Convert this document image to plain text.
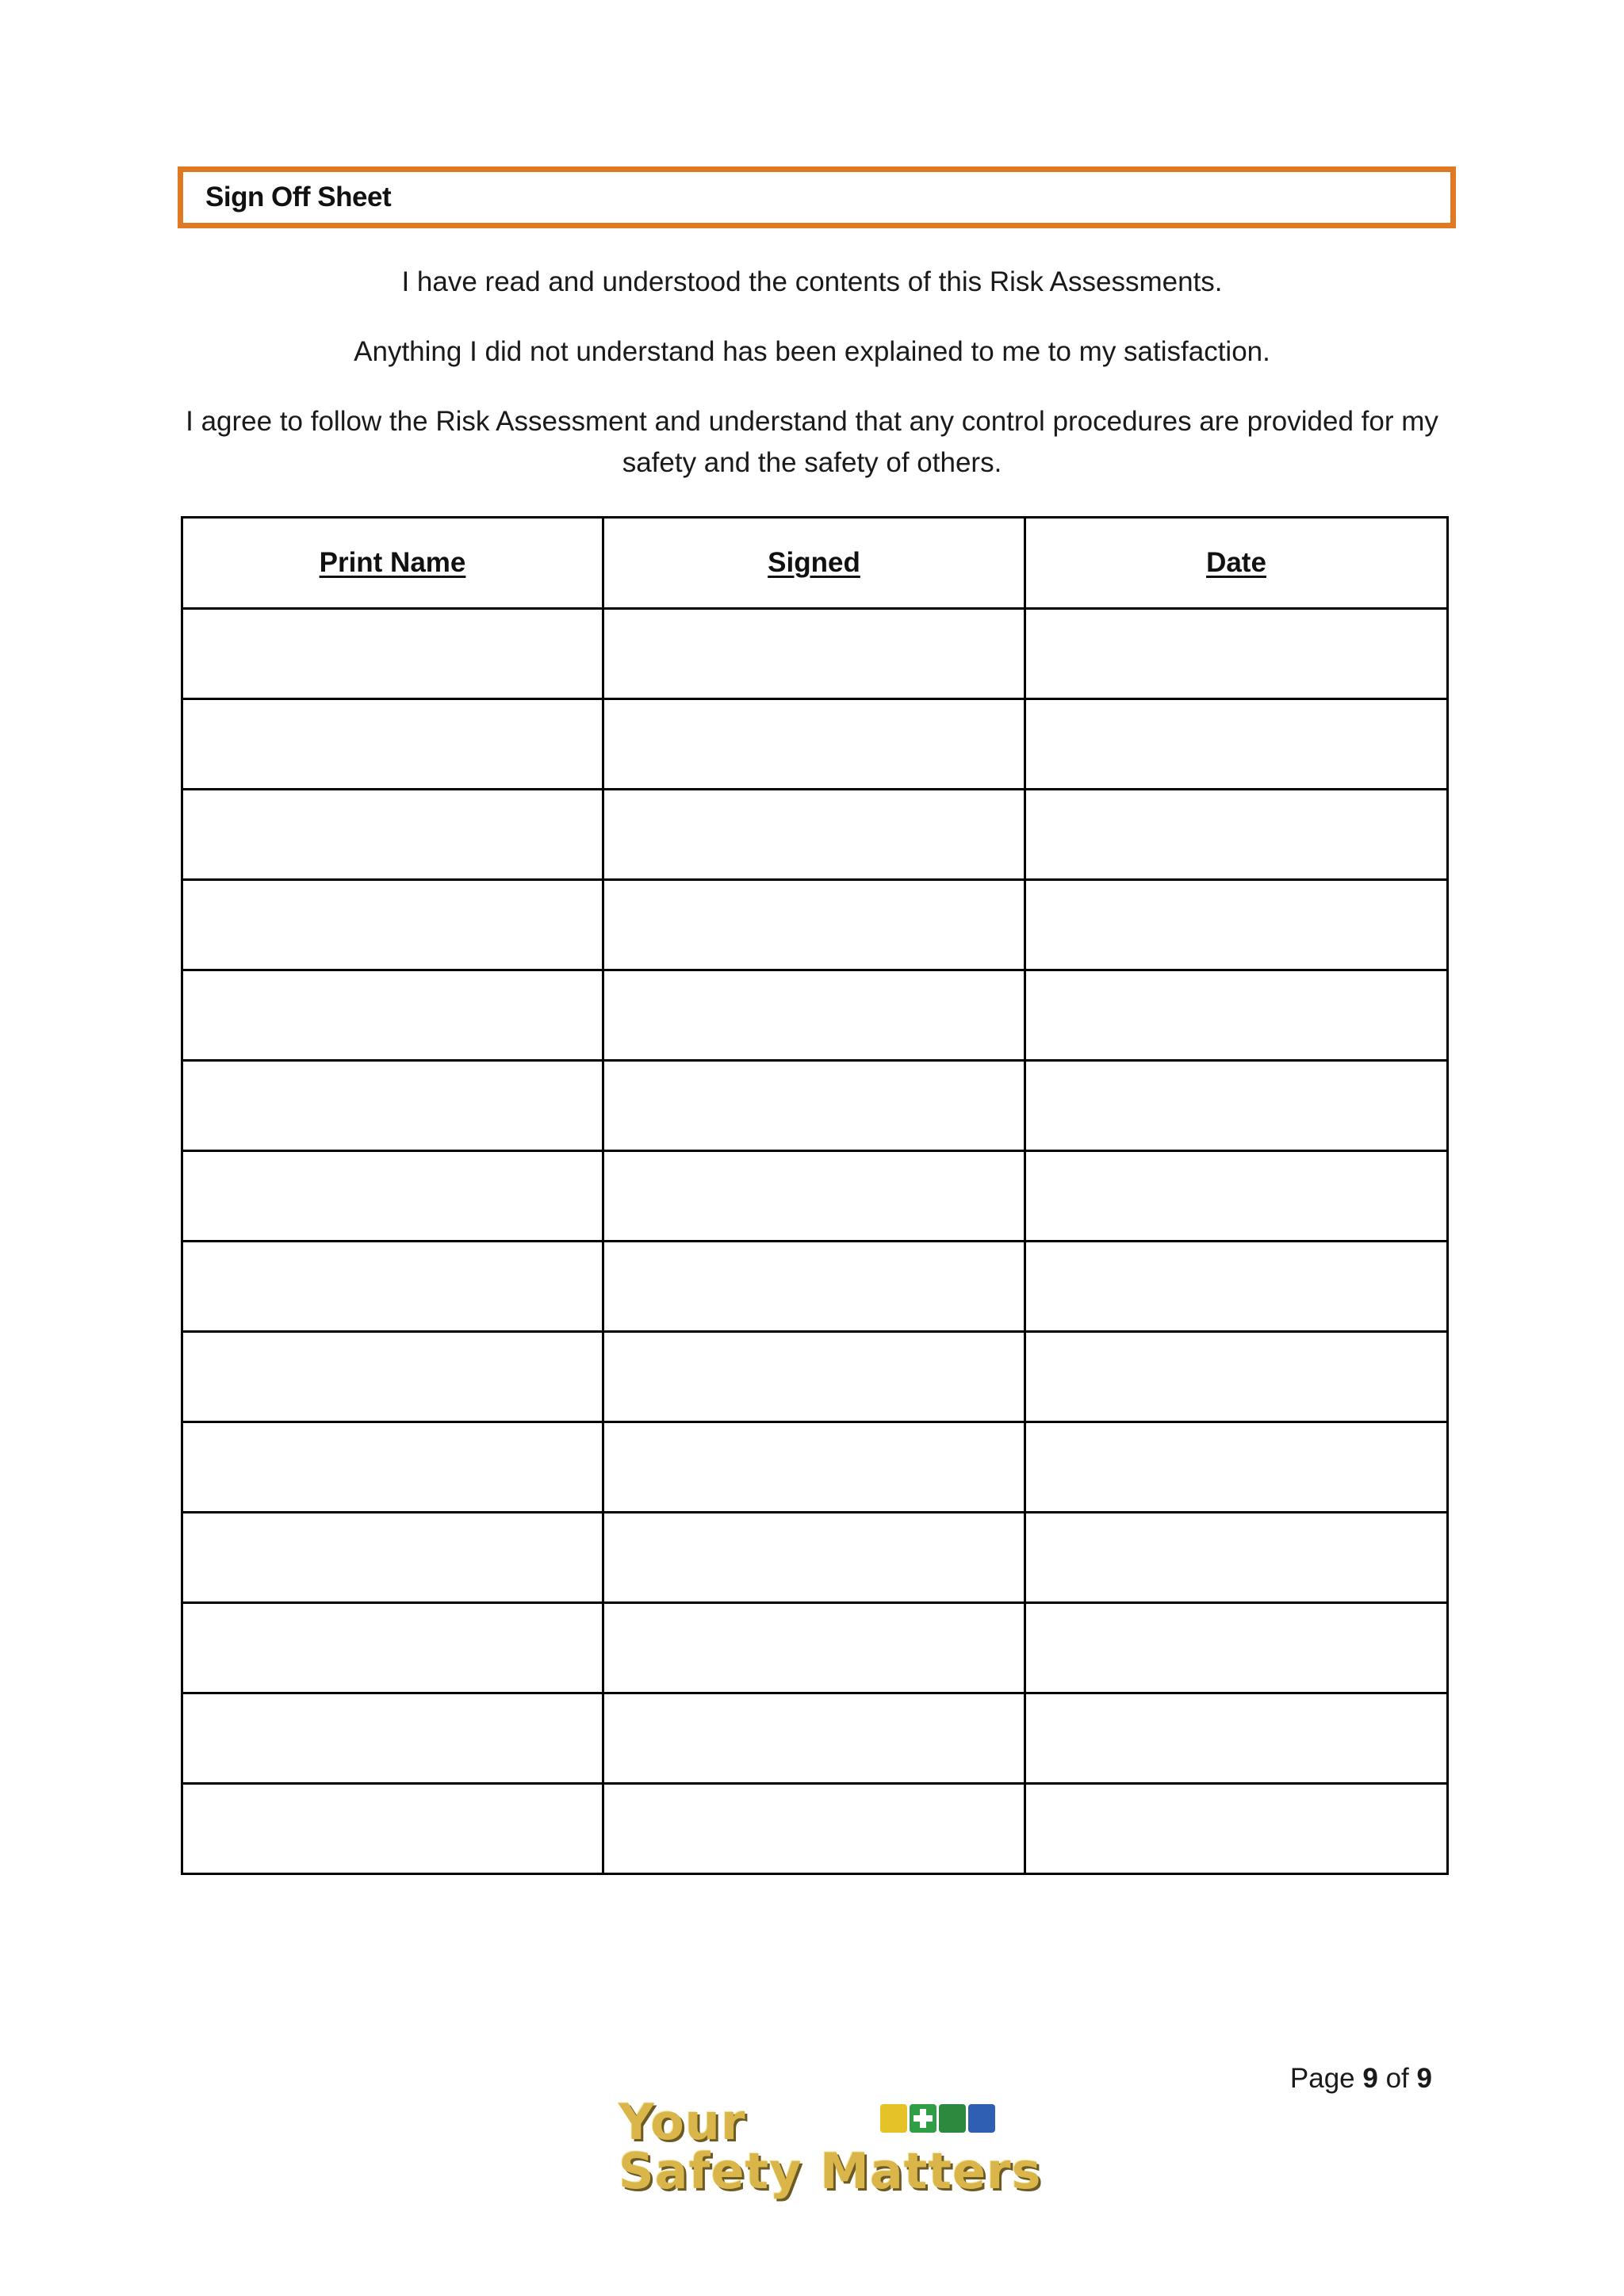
Sign Off Sheet
I have read and understood the contents of this Risk Assessments.
Anything I did not understand has been explained to me to my satisfaction.
I agree to follow the Risk Assessment and understand that any control procedures are provided for my safety and the safety of others.
Print Name	Signed	Date

Page 9 of 9
Your
Safety Matters
